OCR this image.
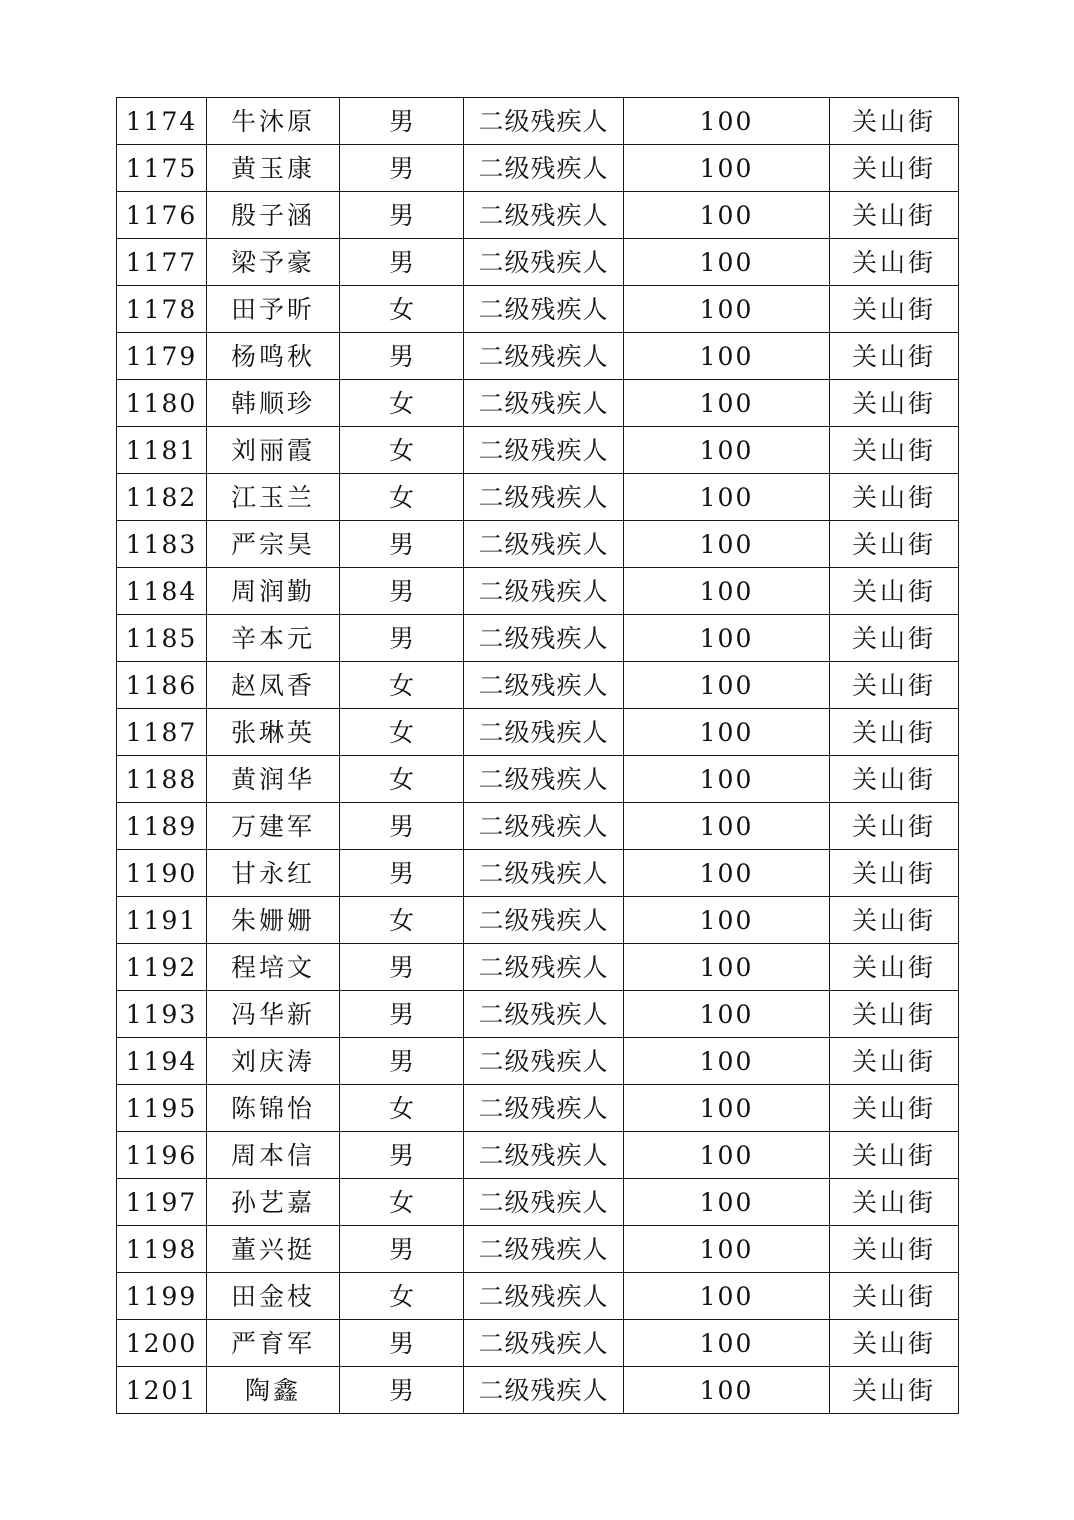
1174	牛沐原	男	二级残疾人	100	关山街
1175	黄玉康	男	二级残疾人	100	关山街
1176	殷子涵	男	二级残疾人	100	关山街
1177	梁予豪	男	二级残疾人	100	关山街
1178	田予昕	女	二级残疾人	100	关山街
1179	杨鸣秋	男	二级残疾人	100	关山街
1180	韩顺珍	女	二级残疾人	100	关山街
1181	刘丽霞	女	二级残疾人	100	关山街
1182	江玉兰	女	二级残疾人	100	关山街
1183	严宗昊	男	二级残疾人	100	关山街
1184	周润勤	男	二级残疾人	100	关山街
1185	辛本元	男	二级残疾人	100	关山街
1186	赵凤香	女	二级残疾人	100	关山街
1187	张琳英	女	二级残疾人	100	关山街
1188	黄润华	女	二级残疾人	100	关山街
1189	万建军	男	二级残疾人	100	关山街
1190	甘永红	男	二级残疾人	100	关山街
1191	朱姗姗	女	二级残疾人	100	关山街
1192	程培文	男	二级残疾人	100	关山街
1193	冯华新	男	二级残疾人	100	关山街
1194	刘庆涛	男	二级残疾人	100	关山街
1195	陈锦怡	女	二级残疾人	100	关山街
1196	周本信	男	二级残疾人	100	关山街
1197	孙艺嘉	女	二级残疾人	100	关山街
1198	董兴挺	男	二级残疾人	100	关山街
1199	田金枝	女	二级残疾人	100	关山街
1200	严育军	男	二级残疾人	100	关山街
1201	陶鑫	男	二级残疾人	100	关山街
